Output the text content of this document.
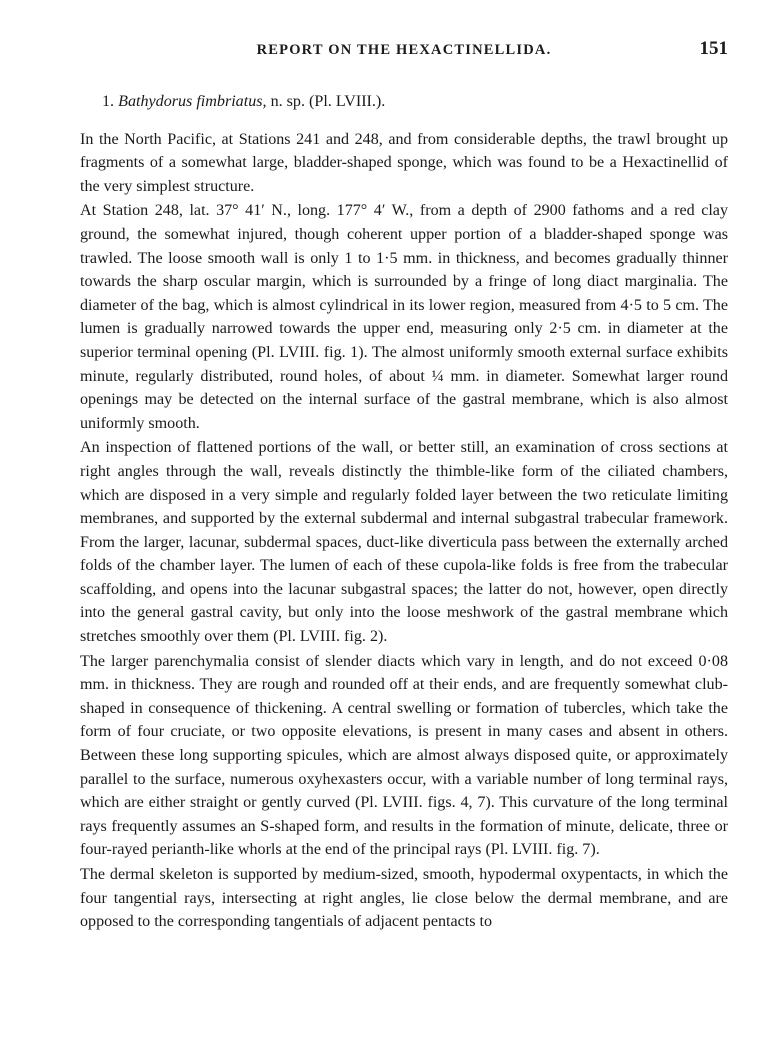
REPORT ON THE HEXACTINELLIDA.	151
1. Bathydorus fimbriatus, n. sp. (Pl. LVIII.).

In the North Pacific, at Stations 241 and 248, and from considerable depths, the trawl brought up fragments of a somewhat large, bladder-shaped sponge, which was found to be a Hexactinellid of the very simplest structure.

At Station 248, lat. 37° 41′ N., long. 177° 4′ W., from a depth of 2900 fathoms and a red clay ground, the somewhat injured, though coherent upper portion of a bladder-shaped sponge was trawled. The loose smooth wall is only 1 to 1·5 mm. in thickness, and becomes gradually thinner towards the sharp oscular margin, which is surrounded by a fringe of long diact marginalia. The diameter of the bag, which is almost cylindrical in its lower region, measured from 4·5 to 5 cm. The lumen is gradually narrowed towards the upper end, measuring only 2·5 cm. in diameter at the superior terminal opening (Pl. LVIII. fig. 1). The almost uniformly smooth external surface exhibits minute, regularly distributed, round holes, of about ¼ mm. in diameter. Somewhat larger round openings may be detected on the internal surface of the gastral membrane, which is also almost uniformly smooth.

An inspection of flattened portions of the wall, or better still, an examination of cross sections at right angles through the wall, reveals distinctly the thimble-like form of the ciliated chambers, which are disposed in a very simple and regularly folded layer between the two reticulate limiting membranes, and supported by the external subdermal and internal subgastral trabecular framework. From the larger, lacunar, subdermal spaces, duct-like diverticula pass between the externally arched folds of the chamber layer. The lumen of each of these cupola-like folds is free from the trabecular scaffolding, and opens into the lacunar subgastral spaces; the latter do not, however, open directly into the general gastral cavity, but only into the loose meshwork of the gastral membrane which stretches smoothly over them (Pl. LVIII. fig. 2).

The larger parenchymalia consist of slender diacts which vary in length, and do not exceed 0·08 mm. in thickness. They are rough and rounded off at their ends, and are frequently somewhat club-shaped in consequence of thickening. A central swelling or formation of tubercles, which take the form of four cruciate, or two opposite elevations, is present in many cases and absent in others. Between these long supporting spicules, which are almost always disposed quite, or approximately parallel to the surface, numerous oxyhexasters occur, with a variable number of long terminal rays, which are either straight or gently curved (Pl. LVIII. figs. 4, 7). This curvature of the long terminal rays frequently assumes an S-shaped form, and results in the formation of minute, delicate, three or four-rayed perianth-like whorls at the end of the principal rays (Pl. LVIII. fig. 7).

The dermal skeleton is supported by medium-sized, smooth, hypodermal oxypentacts, in which the four tangential rays, intersecting at right angles, lie close below the dermal membrane, and are opposed to the corresponding tangentials of adjacent pentacts to
